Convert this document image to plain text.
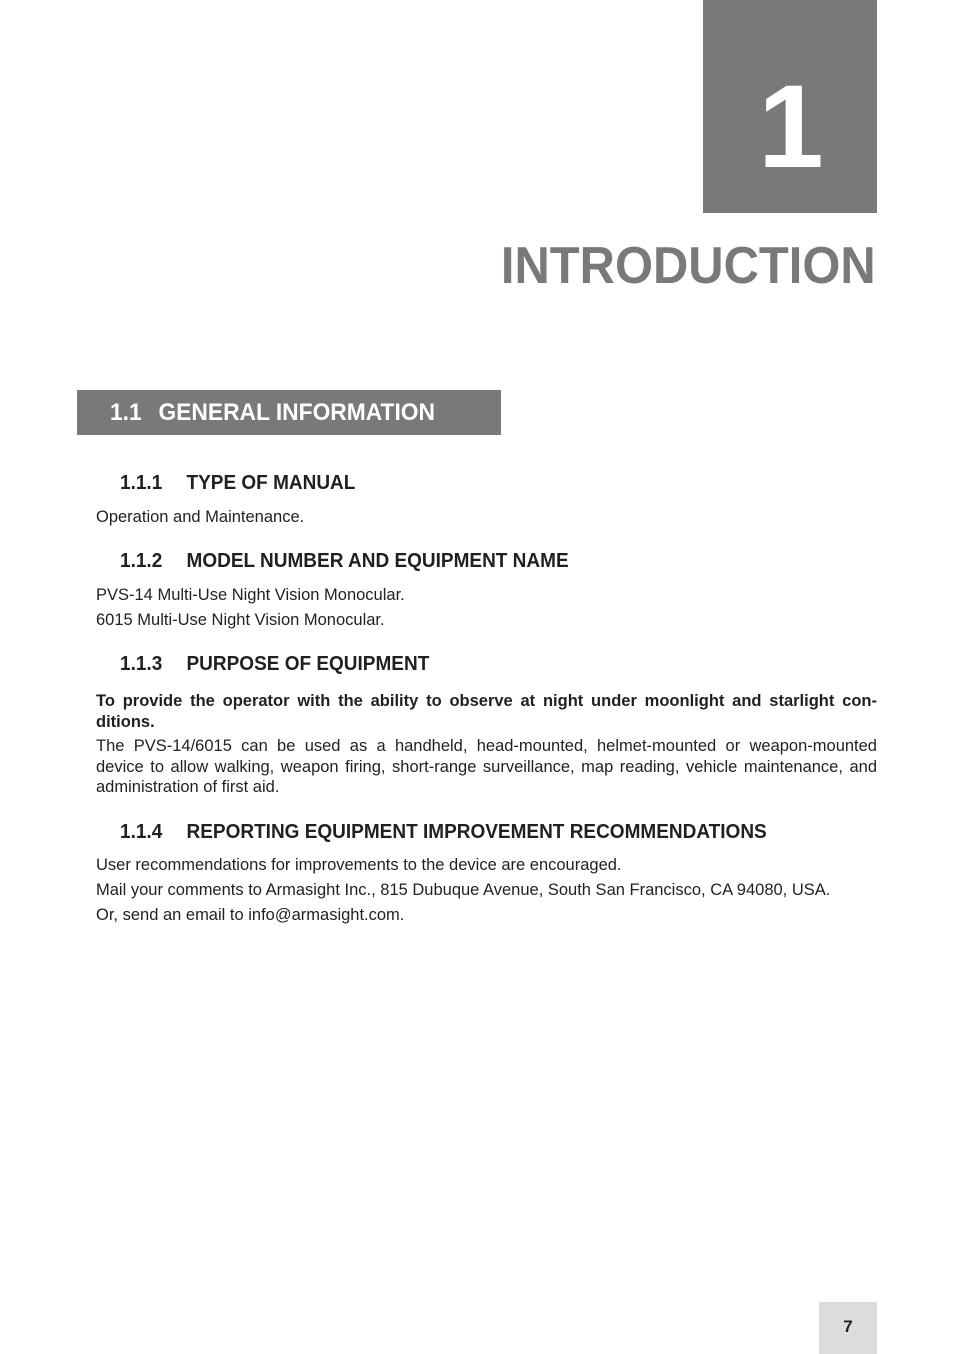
1
INTRODUCTION
1.1 GENERAL INFORMATION
1.1.1 TYPE OF MANUAL

Operation and Maintenance.

1.1.2 MODEL NUMBER AND EQUIPMENT NAME

PVS-14 Multi-Use Night Vision Monocular.

6015 Multi-Use Night Vision Monocular.

1.1.3 PURPOSE OF EQUIPMENT

To provide the operator with the ability to observe at night under moonlight and starlight con-ditions.

The PVS-14/6015 can be used as a handheld, head-mounted, helmet-mounted or weapon-mounted device to allow walking, weapon firing, short-range surveillance, map reading, vehicle maintenance, and administration of first aid.

1.1.4 REPORTING EQUIPMENT IMPROVEMENT RECOMMENDATIONS

User recommendations for improvements to the device are encouraged.

Mail your comments to Armasight Inc., 815 Dubuque Avenue, South San Francisco, CA 94080, USA.

Or, send an email to info@armasight.com.

7
